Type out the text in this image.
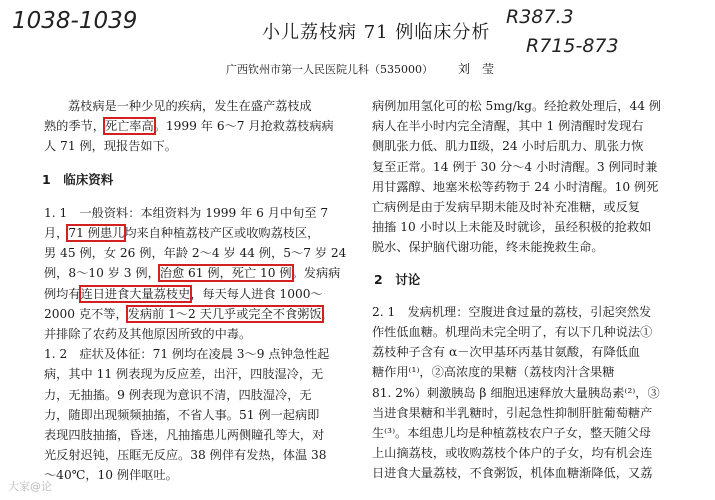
1038-1039	R387.3
R715-873
小儿荔枝病 71 例临床分析
广西钦州市第一人民医院儿科（535000） 刘　莹

荔枝病是一种少见的疾病，发生在盛产荔枝成

熟的季节，死亡率高。1999 年 6～7 月抢救荔枝病病

人 71 例，现报告如下。

1　临床资料

1. 1　一般资料：本组资料为 1999 年 6 月中旬至 7

月，71 例患儿均来自种植荔枝产区或收购荔枝区，

男 45 例，女 26 例，年龄 2～4 岁 44 例，5～7 岁 24

例，8～10 岁 3 例，治愈 61 例，死亡 10 例。发病病

例均有连日进食大量荔枝史，每天每人进食 1000～

2000 克不等，发病前 1～2 天几乎或完全不食粥饭，

并排除了农药及其他原因所致的中毒。

1. 2　症状及体征：71 例均在凌晨 3～9 点钟急性起

病，其中 11 例表现为反应差，出汗，四肢湿冷，无

力，无抽搐。9 例表现为意识不清，四肢湿冷，无

力，随即出现频频抽搐，不省人事。51 例一起病即

表现四肢抽搐，昏迷，凡抽搐患儿两侧瞳孔等大，对

光反射迟钝，压眶无反应。38 例伴有发热，体温 38

～40℃，10 例伴呕吐。

病例加用氢化可的松 5mg/kg。经抢救处理后，44 例

病人在半小时内完全清醒，其中 1 例清醒时发现右

侧肌张力低、肌力Ⅱ级，24 小时后肌力、肌张力恢

复至正常。14 例于 30 分～4 小时清醒。3 例同时兼

用甘露醇、地塞米松等药物于 24 小时清醒。10 例死

亡病例是由于发病早期未能及时补充准糖，或反复

抽搐 10 小时以上未能及时就诊，虽经积极的抢救如

脱水、保护脑代谢功能，终未能挽救生命。

2　讨论

2. 1　发病机理：空腹进食过量的荔枝，引起突然发

作性低血糖。机理尚未完全明了，有以下几种说法①

荔枝种子含有 α－次甲基环丙基甘氨酸，有降低血

糖作用⁽¹⁾，②高浓度的果糖（荔枝肉汁含果糖

81. 2%）刺激胰岛 β 细胞迅速释放大量胰岛素⁽²⁾，③

当进食果糖和半乳糖时，引起急性抑制肝脏葡萄糖产

生⁽³⁾。本组患儿均是种植荔枝农户子女，整天随父母

上山摘荔枝，或收购荔枝个体户的子女，均有机会连

日进食大量荔枝，不食粥饭，机体血糖渐降低，又荔

大家@论
